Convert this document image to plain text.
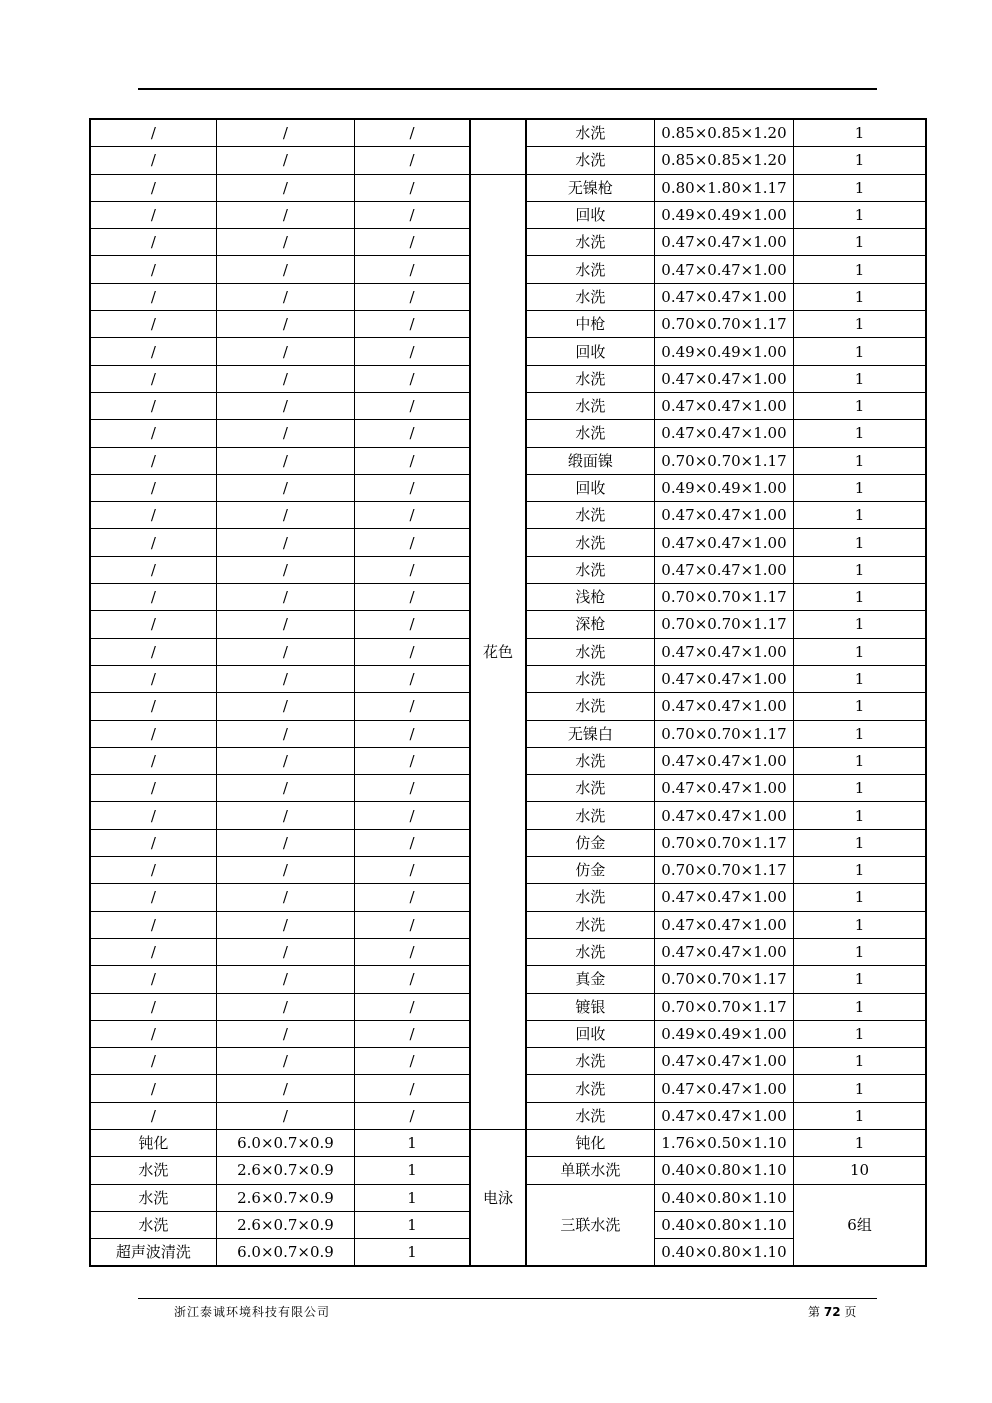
/	/	/		水洗	0.85×0.85×1.20	1
/	/	/		水洗	0.85×0.85×1.20	1
/	/	/	花色	无镍枪	0.80×1.80×1.17	1
/	/	/		回收	0.49×0.49×1.00	1
/	/	/		水洗	0.47×0.47×1.00	1
/	/	/		水洗	0.47×0.47×1.00	1
/	/	/		水洗	0.47×0.47×1.00	1
/	/	/		中枪	0.70×0.70×1.17	1
/	/	/		回收	0.49×0.49×1.00	1
/	/	/		水洗	0.47×0.47×1.00	1
/	/	/		水洗	0.47×0.47×1.00	1
/	/	/		水洗	0.47×0.47×1.00	1
/	/	/		缎面镍	0.70×0.70×1.17	1
/	/	/		回收	0.49×0.49×1.00	1
/	/	/		水洗	0.47×0.47×1.00	1
/	/	/		水洗	0.47×0.47×1.00	1
/	/	/		水洗	0.47×0.47×1.00	1
/	/	/		浅枪	0.70×0.70×1.17	1
/	/	/		深枪	0.70×0.70×1.17	1
/	/	/		水洗	0.47×0.47×1.00	1
/	/	/		水洗	0.47×0.47×1.00	1
/	/	/		水洗	0.47×0.47×1.00	1
/	/	/		无镍白	0.70×0.70×1.17	1
/	/	/		水洗	0.47×0.47×1.00	1
/	/	/		水洗	0.47×0.47×1.00	1
/	/	/		水洗	0.47×0.47×1.00	1
/	/	/		仿金	0.70×0.70×1.17	1
/	/	/		仿金	0.70×0.70×1.17	1
/	/	/		水洗	0.47×0.47×1.00	1
/	/	/		水洗	0.47×0.47×1.00	1
/	/	/		水洗	0.47×0.47×1.00	1
/	/	/		真金	0.70×0.70×1.17	1
/	/	/		镀银	0.70×0.70×1.17	1
/	/	/		回收	0.49×0.49×1.00	1
/	/	/		水洗	0.47×0.47×1.00	1
/	/	/		水洗	0.47×0.47×1.00	1
/	/	/		水洗	0.47×0.47×1.00	1
钝化	6.0×0.7×0.9	1	电泳	钝化	1.76×0.50×1.10	1
水洗	2.6×0.7×0.9	1		单联水洗	0.40×0.80×1.10	10
水洗	2.6×0.7×0.9	1		三联水洗	0.40×0.80×1.10	6组
水洗	2.6×0.7×0.9	1			0.40×0.80×1.10	
超声波清洗	6.0×0.7×0.9	1			0.40×0.80×1.10	
浙江泰诚环境科技有限公司	第 72 页
